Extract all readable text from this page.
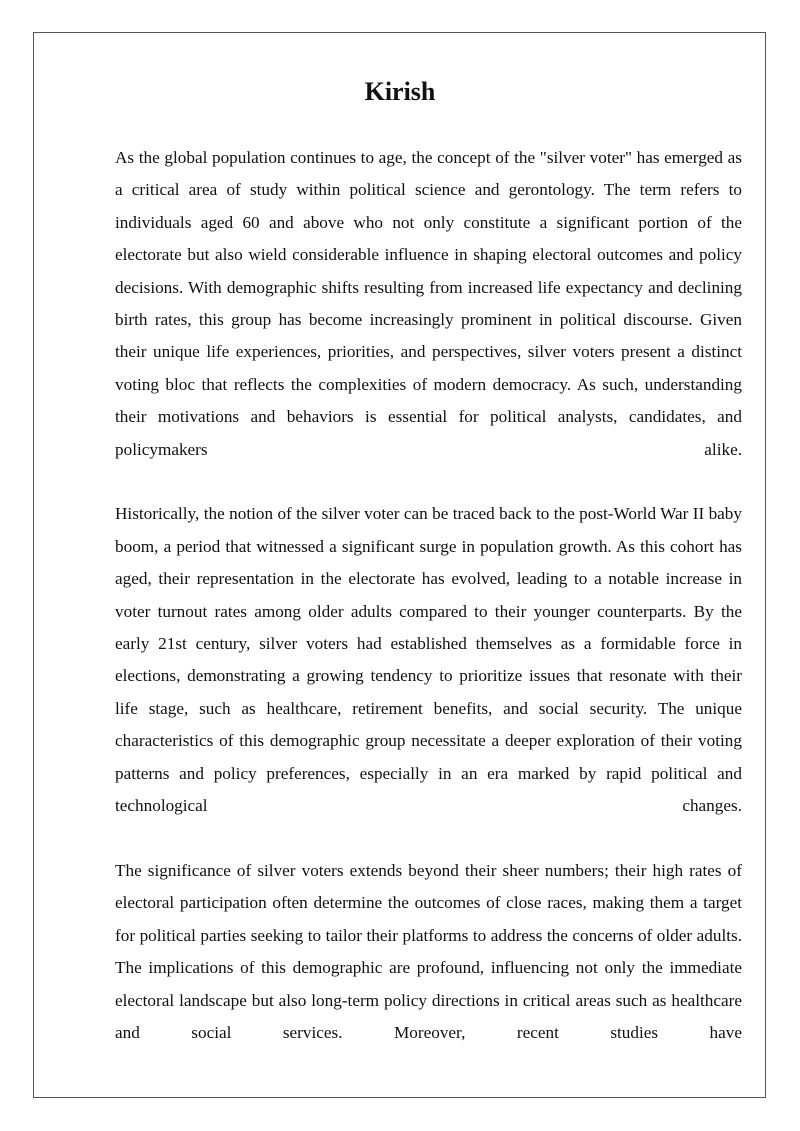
Kirish

As the global population continues to age, the concept of the "silver voter" has emerged as a critical area of study within political science and gerontology. The term refers to individuals aged 60 and above who not only constitute a significant portion of the electorate but also wield considerable influence in shaping electoral outcomes and policy decisions. With demographic shifts resulting from increased life expectancy and declining birth rates, this group has become increasingly prominent in political discourse. Given their unique life experiences, priorities, and perspectives, silver voters present a distinct voting bloc that reflects the complexities of modern democracy. As such, understanding their motivations and behaviors is essential for political analysts, candidates, and policymakers alike.

Historically, the notion of the silver voter can be traced back to the post-World War II baby boom, a period that witnessed a significant surge in population growth. As this cohort has aged, their representation in the electorate has evolved, leading to a notable increase in voter turnout rates among older adults compared to their younger counterparts. By the early 21st century, silver voters had established themselves as a formidable force in elections, demonstrating a growing tendency to prioritize issues that resonate with their life stage, such as healthcare, retirement benefits, and social security. The unique characteristics of this demographic group necessitate a deeper exploration of their voting patterns and policy preferences, especially in an era marked by rapid political and technological changes.

The significance of silver voters extends beyond their sheer numbers; their high rates of electoral participation often determine the outcomes of close races, making them a target for political parties seeking to tailor their platforms to address the concerns of older adults. The implications of this demographic are profound, influencing not only the immediate electoral landscape but also long-term policy directions in critical areas such as healthcare and social services. Moreover, recent studies have
